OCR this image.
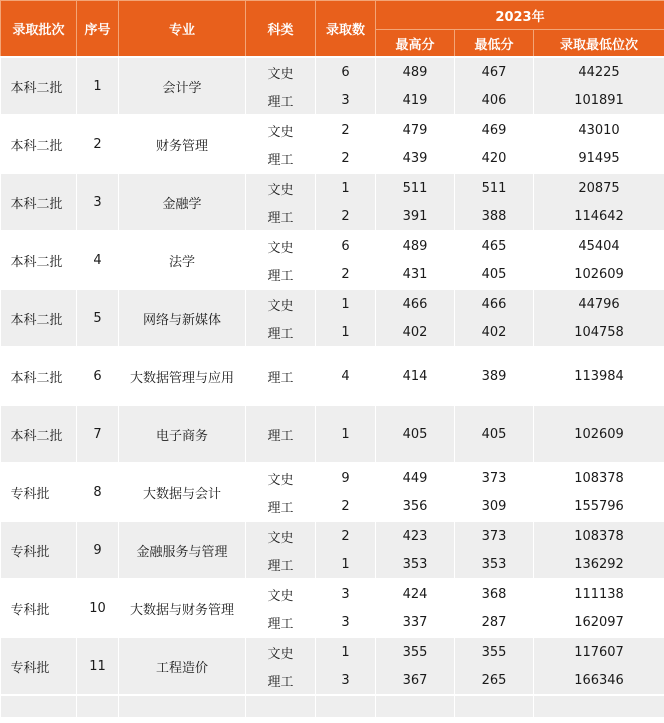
录取批次	序号	专业	科类	录取数	2023年		
					最高分	最低分	录取最低位次
本科二批	1	会计学	文史	6	489	467	44225
			理工	3	419	406	101891
本科二批	2	财务管理	文史	2	479	469	43010
			理工	2	439	420	91495
本科二批	3	金融学	文史	1	511	511	20875
			理工	2	391	388	114642
本科二批	4	法学	文史	6	489	465	45404
			理工	2	431	405	102609
本科二批	5	网络与新媒体	文史	1	466	466	44796
			理工	1	402	402	104758
本科二批	6	大数据管理与应用	理工	4	414	389	113984
本科二批	7	电子商务	理工	1	405	405	102609
专科批	8	大数据与会计	文史	9	449	373	108378
			理工	2	356	309	155796
专科批	9	金融服务与管理	文史	2	423	373	108378
			理工	1	353	353	136292
专科批	10	大数据与财务管理	文史	3	424	368	111138
			理工	3	337	287	162097
专科批	11	工程造价	文史	1	355	355	117607
			理工	3	367	265	166346
